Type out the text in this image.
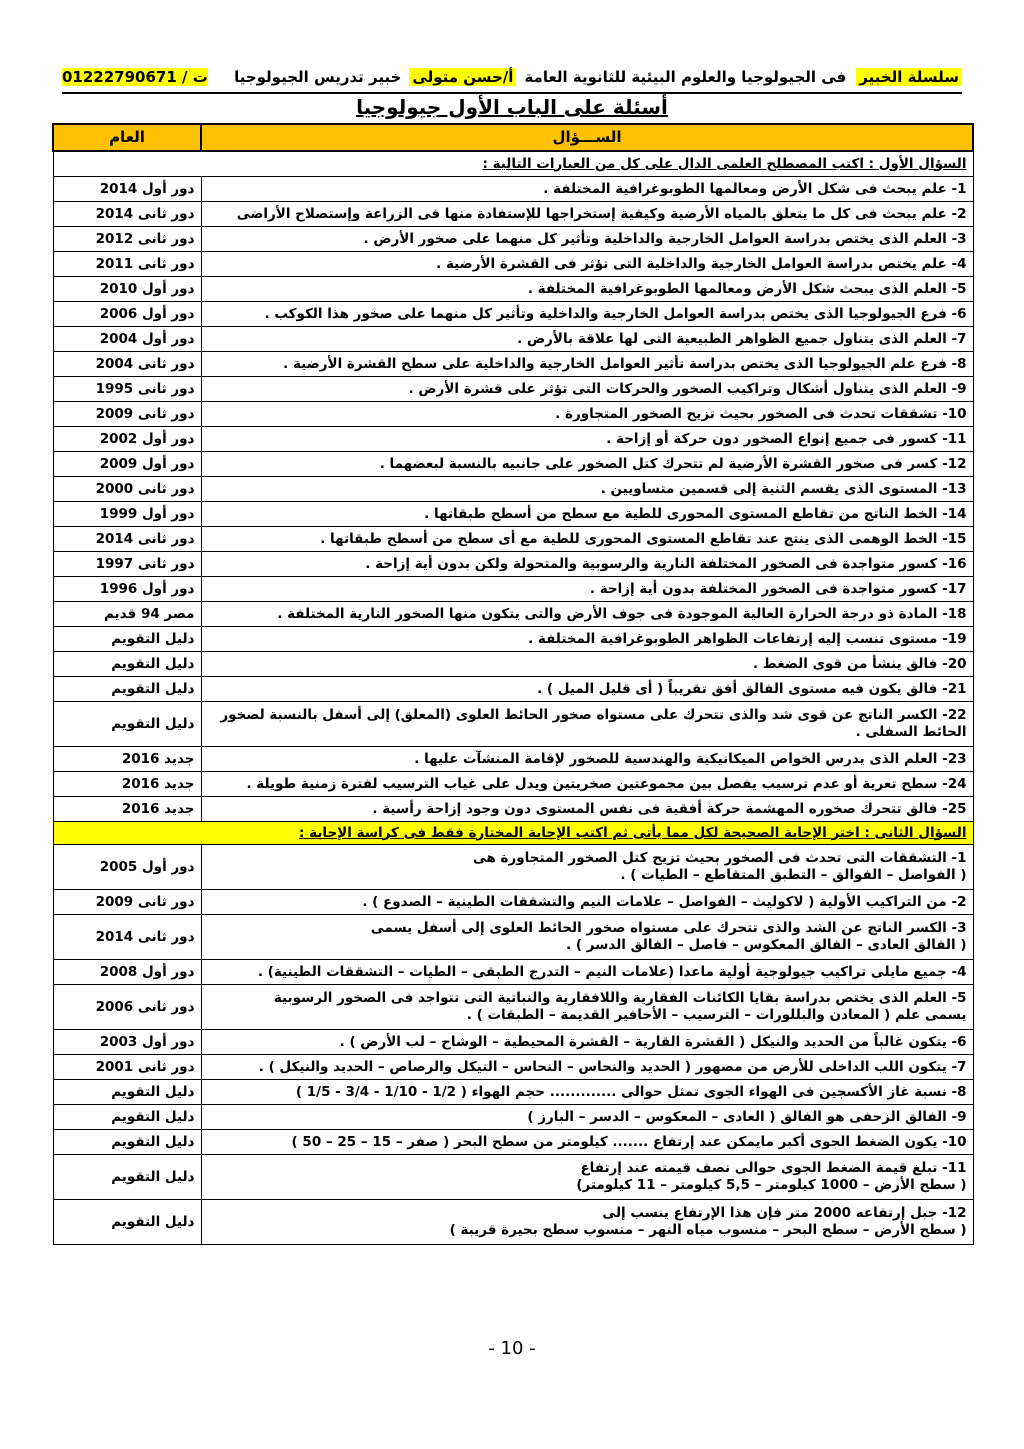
سلسلة الخبير
فى الجيولوجيا والعلوم البيئية للثانوية العامة
أ/حسن متولى
خبير تدريس الجيولوجيا
ت / 01222790671
أسئلة على الباب الأول جيولوجيا
الســـؤال	العام
السؤال الأول : اكتب المصطلح العلمى الدال على كل من العبارات التالية :	

1- علم يبحث فى شكل الأرض ومعالمها الطوبوغرافية المختلفة .	دور أول 2014

2- علم يبحث فى كل ما يتعلق بالمياه الأرضية وكيفية إستخراجها للإستفادة منها فى الزراعة وإستصلاح الأراضى	دور ثانى 2014

3- العلم الذى يختص بدراسة العوامل الخارجية والداخلية وتأثير كل منهما على صخور الأرض .	دور ثانى 2012

4- علم يختص بدراسة العوامل الخارجية والداخلية التى تؤثر فى القشرة الأرضية .	دور ثانى 2011

5- العلم الذى يبحث شكل الأرض ومعالمها الطوبوغرافية المختلفة .	دور أول 2010

6- فرع الجيولوجيا الذى يختص بدراسة العوامل الخارجية والداخلية وتأثير كل منهما على صخور هذا الكوكب .	دور أول 2006

7- العلم الذى يتناول جميع الظواهر الطبيعية التى لها علاقة بالأرض .	دور أول 2004

8- فرع علم الجيولوجيا الذى يختص بدراسة تأثير العوامل الخارجية والداخلية على سطح القشرة الأرضية .	دور ثانى 2004

9- العلم الذى يتناول أشكال وتراكيب الصخور والحركات التى تؤثر على قشرة الأرض .	دور ثانى 1995

10- تشققات تحدث فى الصخور بحيث تزيح الصخور المتجاورة .	دور ثانى 2009

11- كسور فى جميع إنواع الصخور دون حركة أو إزاحة .	دور أول 2002

12- كسر فى صخور القشرة الأرضية لم تتحرك كتل الصخور على جانبيه بالنسبة لبعضهما .	دور أول 2009

13- المستوى الذى يقسم الثنية إلى قسمين متساويين .	دور ثانى 2000

14- الخط الناتج من تقاطع المستوى المحورى للطية مع سطح من أسطح طبقاتها .	دور أول 1999

15- الخط الوهمى الذى ينتج عند تقاطع المستوى المحورى للطية مع أى سطح من أسطح طبقاتها .	دور ثانى 2014

16- كسور متواجدة فى الصخور المختلفة النارية والرسوبية والمتحولة ولكن بدون أية إزاحة .	دور ثانى 1997

17- كسور متواجدة فى الصخور المختلفة بدون أية إزاحة .	دور أول 1996

18- المادة ذو درجة الحرارة العالية الموجودة فى جوف الأرض والتى يتكون منها الصخور النارية المختلفة .	مصر 94 قديم

19- مستوى تنسب إليه إرتفاعات الظواهر الطوبوغرافية المختلفة .	دليل التقويم

20- فالق ينشأ من قوى الضغط .	دليل التقويم

21- فالق يكون فيه مستوى الفالق أفق تقريباً ( أى قليل الميل ) .	دليل التقويم

22- الكسر الناتج عن قوى شد والذى تتحرك على مستواه صخور الحائط العلوى (المعلق) إلى أسفل بالنسبة لصخور الحائط السفلى .	دليل التقويم

23- العلم الذى يدرس الخواص الميكانيكية والهندسية للصخور لإقامة المنشآت عليها .	جديد 2016

24- سطح تعرية أو عدم ترسيب يفصل بين مجموعتين صخريتين ويدل على غياب الترسيب لفترة زمنية طويلة .	جديد 2016

25- فالق تتحرك صخوره المهشمة حركة أفقية فى نفس المستوى دون وجود إزاحة رأسية .	جديد 2016
السؤال الثانى : اختر الإجابة الصحيحة لكل مما يأتى ثم اكتب الإجابة المختارة فقط فى كراسة الإجابة :	

1- التشققات التى تحدث فى الصخور بحيث تزيح كتل الصخور المتجاورة هى
( الفواصل – الفوالق – التطبق المتقاطع – الطيات ) .	دور أول 2005

2- من التراكيب الأولية ( لاكوليث – الفواصل – علامات النيم والتشققات الطينية – الصدوع ) .	دور ثانى 2009

3- الكسر الناتج عن الشد والذى تتحرك على مستواه صخور الحائط العلوى إلى أسفل يسمى
( الفالق العادى – الفالق المعكوس – فاصل – الفالق الدسر ) .	دور ثانى 2014

4- جميع مايلى تراكيب جيولوجية أولية ماعدا (علامات النيم – التدرج الطبقى – الطيات – التشققات الطينية) .	دور أول 2008

5- العلم الذى يختص بدراسة بقايا الكائنات الفقارية واللافقارية والنباتية التى تتواجد فى الصخور الرسوبية
يسمى علم ( المعادن والبللورات – الترسيب – الأحافير القديمة – الطبقات ) .	دور ثانى 2006

6- يتكون غالباً من الحديد والنيكل ( القشرة القارية – القشرة المحيطية – الوشاح – لب الأرض ) .	دور أول 2003

7- يتكون اللب الداخلى للأرض من مصهور ( الحديد والنحاس – النحاس – النيكل والرصاص – الحديد والنيكل ) .	دور ثانى 2001

8- نسبة غاز الأكسجين فى الهواء الجوى تمثل حوالى ............. حجم الهواء ( 1/2 - 1/10 - 3/4 - 1/5 )	دليل التقويم

9- الفالق الزحفى هو الفالق ( العادى – المعكوس – الدسر – البارز )	دليل التقويم

10- يكون الضغط الجوى أكبر مايمكن عند إرتفاع ....... كيلومتر من سطح البحر ( صفر – 15 – 25 – 50 )	دليل التقويم

11- تبلغ قيمة الضغط الجوى حوالى نصف قيمته عند إرتفاع
( سطح الأرض – 1000 كيلومتر – 5,5 كيلومتر – 11 كيلومتر)	دليل التقويم

12- جبل إرتفاعه 2000 متر فإن هذا الإرتفاع ينسب إلى
( سطح الأرض – سطح البحر – منسوب مياه النهر – منسوب سطح بحيرة قريبة )	دليل التقويم
- 10 -
